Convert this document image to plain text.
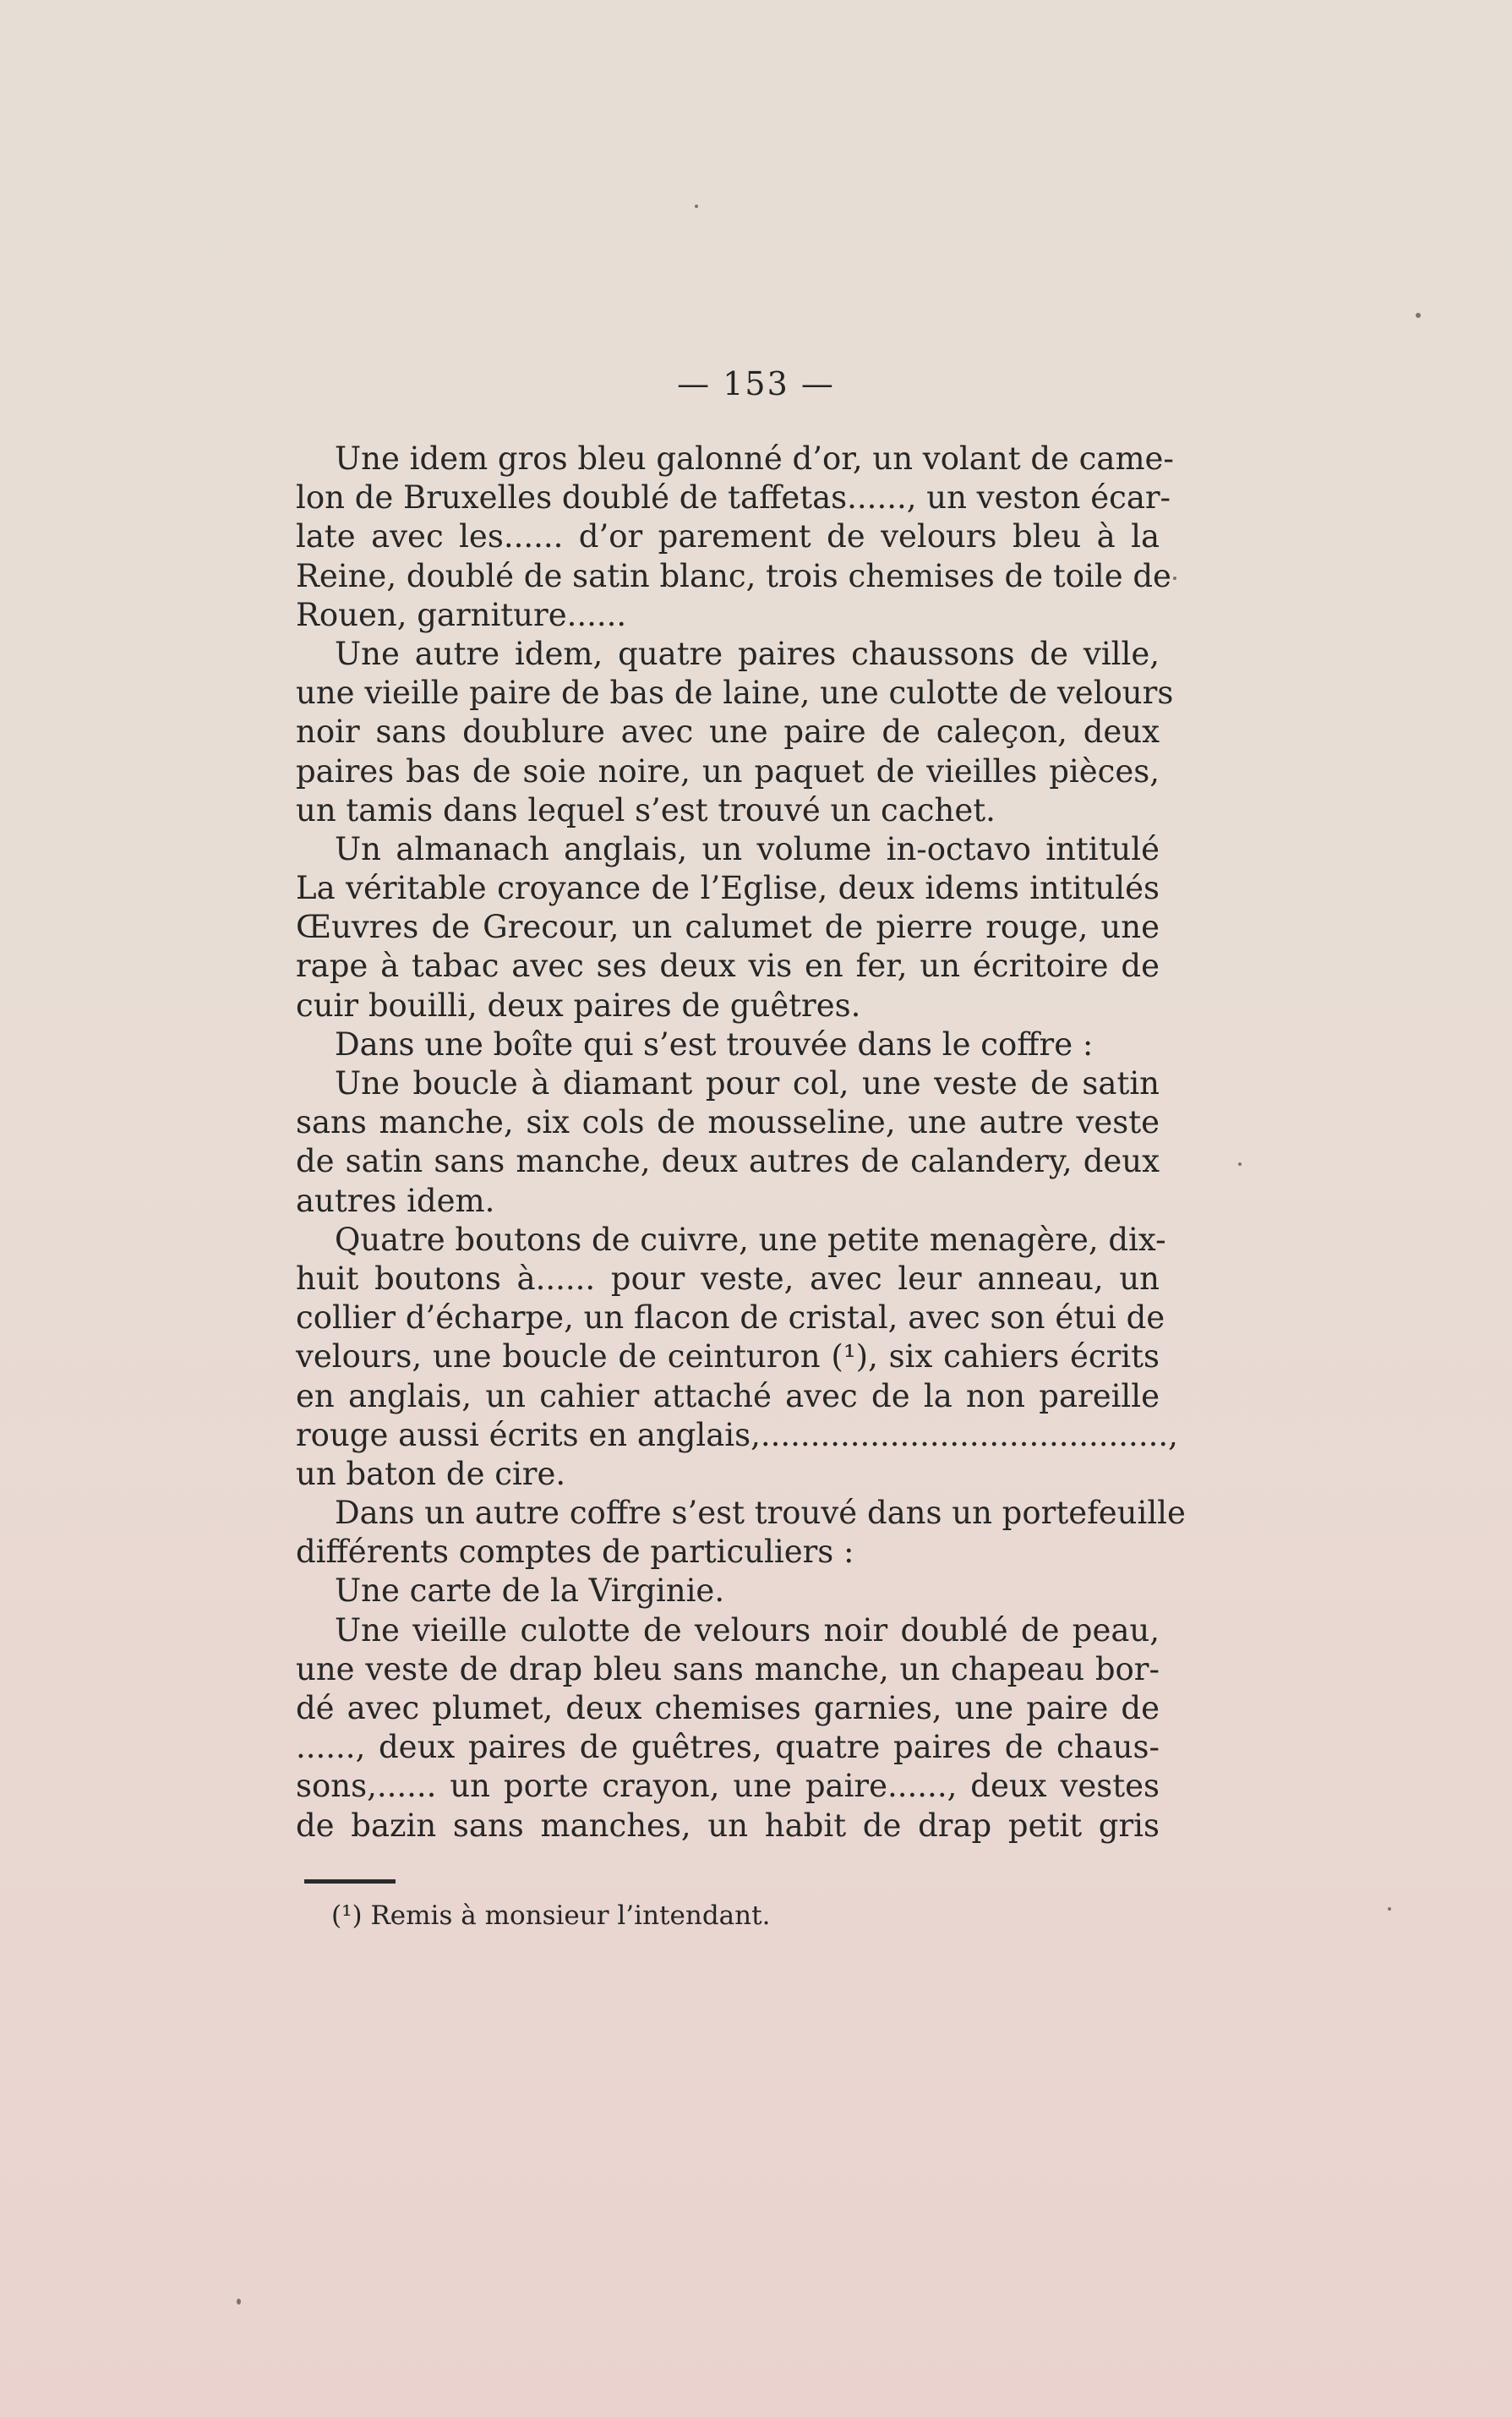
— 153 —
Une idem gros bleu galonné d’or, un volant de came-
lon de Bruxelles doublé de taffetas......, un veston écar-
late avec les...... d’or parement de velours bleu à la
Reine, doublé de satin blanc, trois chemises de toile de
Rouen, garniture......
Une autre idem, quatre paires chaussons de ville,
une vieille paire de bas de laine, une culotte de velours
noir sans doublure avec une paire de caleçon, deux
paires bas de soie noire, un paquet de vieilles pièces,
un tamis dans lequel s’est trouvé un cachet.
Un almanach anglais, un volume in-octavo intitulé
La véritable croyance de l’Eglise, deux idems intitulés
Œuvres de Grecour, un calumet de pierre rouge, une
rape à tabac avec ses deux vis en fer, un écritoire de
cuir bouilli, deux paires de guêtres.
Dans une boîte qui s’est trouvée dans le coffre :
Une boucle à diamant pour col, une veste de satin
sans manche, six cols de mousseline, une autre veste
de satin sans manche, deux autres de calandery, deux
autres idem.
Quatre boutons de cuivre, une petite menagère, dix-
huit boutons à...... pour veste, avec leur anneau, un
collier d’écharpe, un flacon de cristal, avec son étui de
velours, une boucle de ceinturon (¹), six cahiers écrits
en anglais, un cahier attaché avec de la non pareille
rouge aussi écrits en anglais,.........................................,
un baton de cire.
Dans un autre coffre s’est trouvé dans un portefeuille
différents comptes de particuliers :
Une carte de la Virginie.
Une vieille culotte de velours noir doublé de peau,
une veste de drap bleu sans manche, un chapeau bor-
dé avec plumet, deux chemises garnies, une paire de
......, deux paires de guêtres, quatre paires de chaus-
sons,...... un porte crayon, une paire......, deux vestes
de bazin sans manches, un habit de drap petit gris
(¹) Remis à monsieur l’intendant.
